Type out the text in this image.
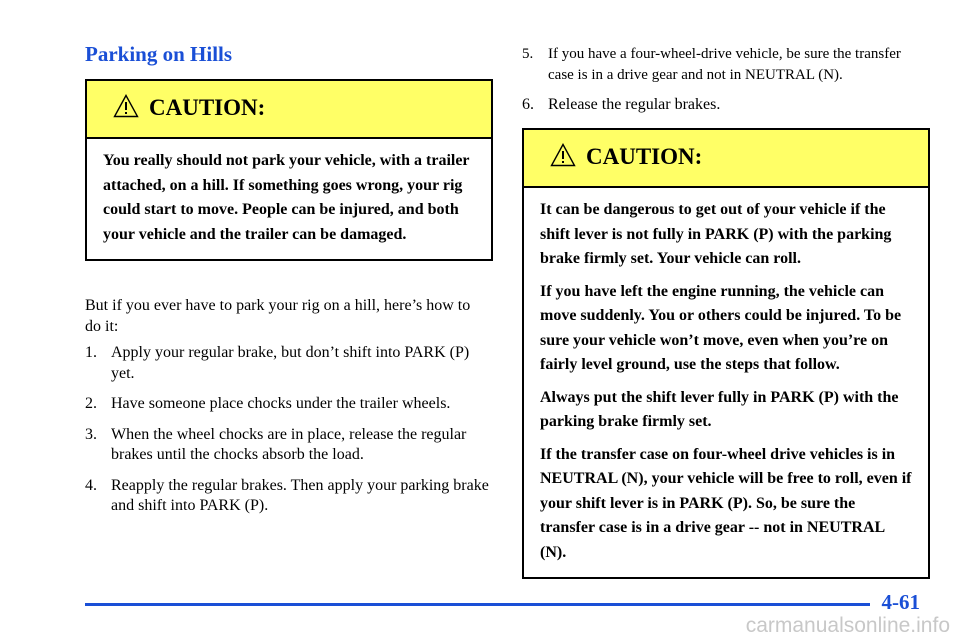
Parking on Hills
CAUTION:

You really should not park your vehicle, with a trailer attached, on a hill. If something goes wrong, your rig could start to move. People can be injured, and both your vehicle and the trailer can be damaged.

But if you ever have to park your rig on a hill, here’s how to do it:

1. Apply your regular brake, but don’t shift into PARK (P) yet.
2. Have someone place chocks under the trailer wheels.
3. When the wheel chocks are in place, release the regular brakes until the chocks absorb the load.
4. Reapply the regular brakes. Then apply your parking brake and shift into PARK (P).
5. If you have a four-wheel-drive vehicle, be sure the transfer case is in a drive gear and not in NEUTRAL (N).
6. Release the regular brakes.
CAUTION:

It can be dangerous to get out of your vehicle if the shift lever is not fully in PARK (P) with the parking brake firmly set. Your vehicle can roll.

If you have left the engine running, the vehicle can move suddenly. You or others could be injured. To be sure your vehicle won’t move, even when you’re on fairly level ground, use the steps that follow.

Always put the shift lever fully in PARK (P) with the parking brake firmly set.

If the transfer case on four-wheel drive vehicles is in NEUTRAL (N), your vehicle will be free to roll, even if your shift lever is in PARK (P). So, be sure the transfer case is in a drive gear -- not in NEUTRAL (N).

4-61
carmanualsonline.info
